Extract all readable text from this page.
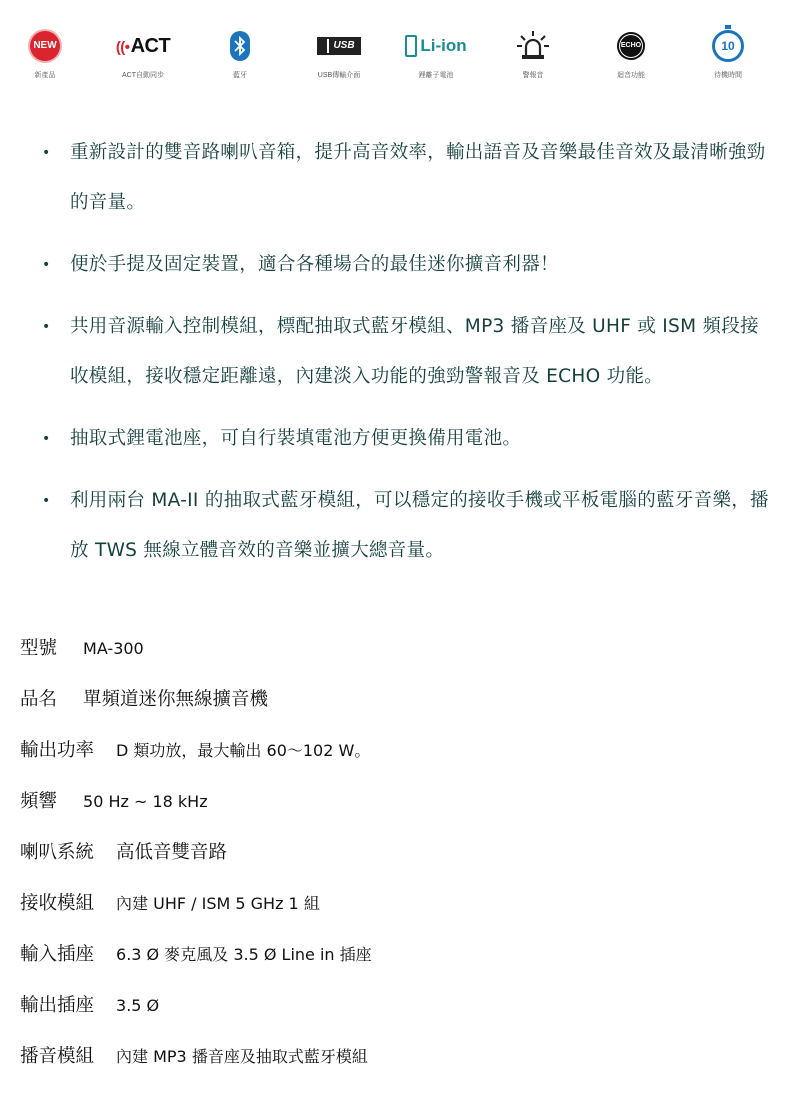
NEW
新產品
((•ACT
ACT自動同步	藍牙
USB
USB傳輸介面
Li-ion
鋰離子電池	警報音
ECHO
迴音功能
10
待機時間
• 重新設計的雙音路喇叭音箱，提升高音效率，輸出語音及音樂最佳音效及最清晰強勁的音量。
• 便於手提及固定裝置，適合各種場合的最佳迷你擴音利器！
• 共用音源輸入控制模組，標配抽取式藍牙模組、MP3 播音座及 UHF 或 ISM 頻段接收模組，接收穩定距離遠，內建淡入功能的強勁警報音及 ECHO 功能。
• 抽取式鋰電池座，可自行裝填電池方便更換備用電池。
• 利用兩台 MA-II 的抽取式藍牙模組，可以穩定的接收手機或平板電腦的藍牙音樂，播放 TWS 無線立體音效的音樂並擴大總音量。
型號 MA-300
品名 單頻道迷你無線擴音機
輸出功率 D 類功放，最大輸出 60～102 W。
頻響 50 Hz ~ 18 kHz
喇叭系統 高低音雙音路
接收模組 內建 UHF / ISM 5 GHz 1 組
輸入插座 6.3 Ø 麥克風及 3.5 Ø Line in 插座
輸出插座 3.5 Ø
播音模組 內建 MP3 播音座及抽取式藍牙模組
